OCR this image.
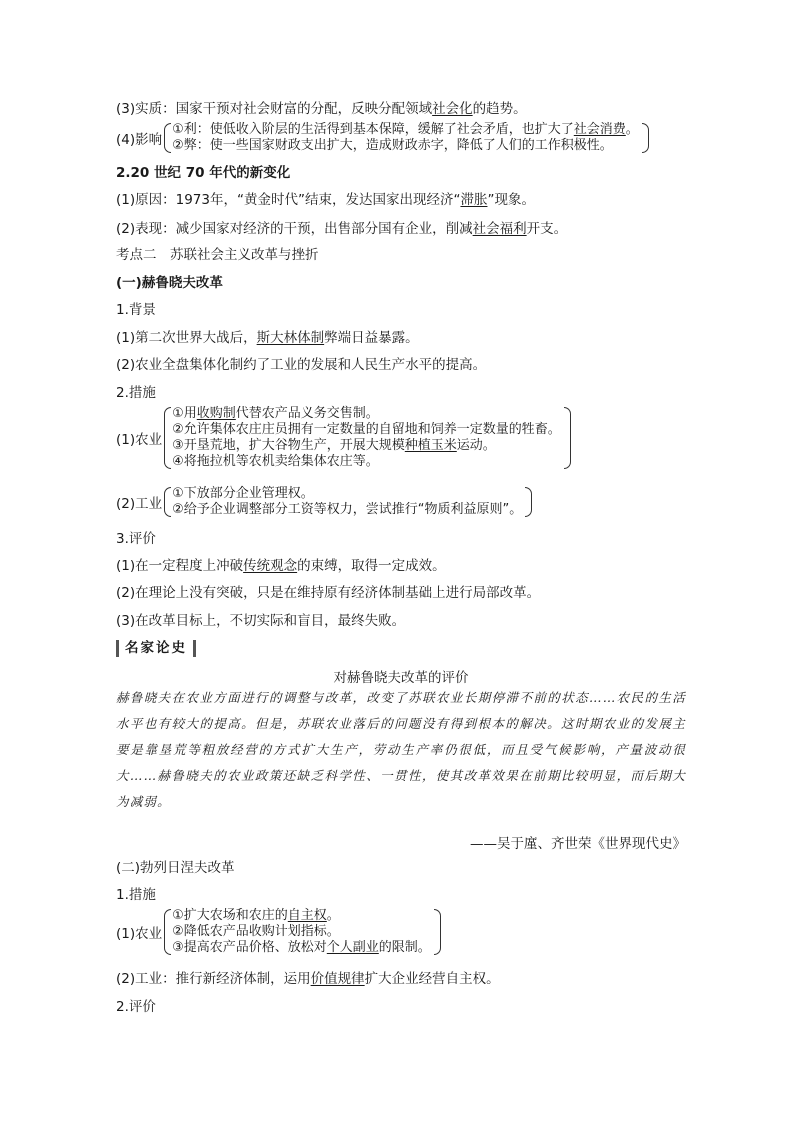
(3)实质：国家干预对社会财富的分配，反映分配领域社会化的趋势。
(4)影响
①利：使低收入阶层的生活得到基本保障，缓解了社会矛盾，也扩大了社会消费。
②弊：使一些国家财政支出扩大，造成财政赤字，降低了人们的工作积极性。
2.20 世纪 70 年代的新变化
(1)原因：1973年，“黄金时代”结束，发达国家出现经济“滞胀”现象。
(2)表现：减少国家对经济的干预，出售部分国有企业，削减社会福利开支。
考点二　苏联社会主义改革与挫折
(一)赫鲁晓夫改革
1.背景
(1)第二次世界大战后，斯大林体制弊端日益暴露。
(2)农业全盘集体化制约了工业的发展和人民生产水平的提高。
2.措施
(1)农业
①用收购制代替农产品义务交售制。
②允许集体农庄庄员拥有一定数量的自留地和饲养一定数量的牲畜。
③开垦荒地，扩大谷物生产，开展大规模种植玉米运动。
④将拖拉机等农机卖给集体农庄等。
(2)工业
①下放部分企业管理权。
②给予企业调整部分工资等权力，尝试推行“物质利益原则”。
3.评价
(1)在一定程度上冲破传统观念的束缚，取得一定成效。
(2)在理论上没有突破，只是在维持原有经济体制基础上进行局部改革。
(3)在改革目标上，不切实际和盲目，最终失败。
名家论史
对赫鲁晓夫改革的评价
赫鲁晓夫在农业方面进行的调整与改革，改变了苏联农业长期停滞不前的状态……农民的生活水平也有较大的提高。但是，苏联农业落后的问题没有得到根本的解决。这时期农业的发展主要是靠垦荒等粗放经营的方式扩大生产，劳动生产率仍很低，而且受气候影响，产量波动很大……赫鲁晓夫的农业政策还缺乏科学性、一贯性，使其改革效果在前期比较明显，而后期大为减弱。
——吴于廑、齐世荣《世界现代史》
(二)勃列日涅夫改革
1.措施
(1)农业
①扩大农场和农庄的自主权。
②降低农产品收购计划指标。
③提高农产品价格、放松对个人副业的限制。
(2)工业：推行新经济体制，运用价值规律扩大企业经营自主权。
2.评价
